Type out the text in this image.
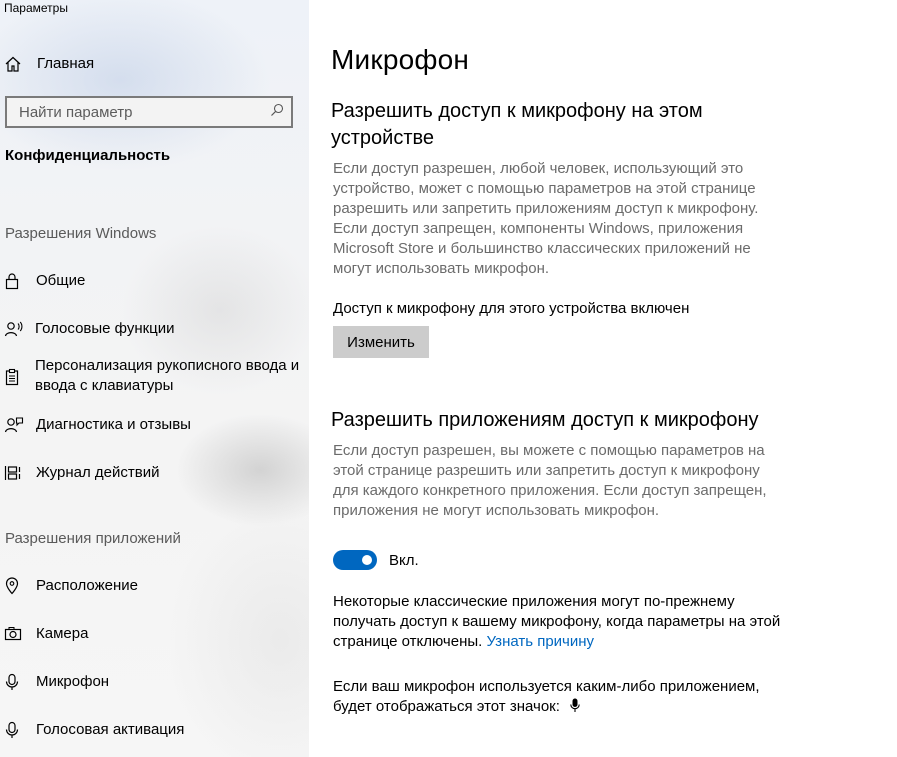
Параметры
Главная
Найти параметр
Конфиденциальность
Разрешения Windows
Общие
Голосовые функции
Персонализация рукописного ввода и ввода с клавиатуры
Диагностика и отзывы
Журнал действий
Разрешения приложений
Расположение
Камера
Микрофон
Голосовая активация
Микрофон
Разрешить доступ к микрофону на этом устройстве
Если доступ разрешен, любой человек, использующий это устройство, может с помощью параметров на этой странице разрешить или запретить приложениям доступ к микрофону. Если доступ запрещен, компоненты Windows, приложения Microsoft Store и большинство классических приложений не могут использовать микрофон.
Доступ к микрофону для этого устройства включен
Изменить
Разрешить приложениям доступ к микрофону
Если доступ разрешен, вы можете с помощью параметров на этой странице разрешить или запретить доступ к микрофону для каждого конкретного приложения. Если доступ запрещен, приложения не могут использовать микрофон.
Вкл.
Некоторые классические приложения могут по-прежнему получать доступ к вашему микрофону, когда параметры на этой странице отключены. Узнать причину
Если ваш микрофон используется каким-либо приложением, будет отображаться этот значок:
